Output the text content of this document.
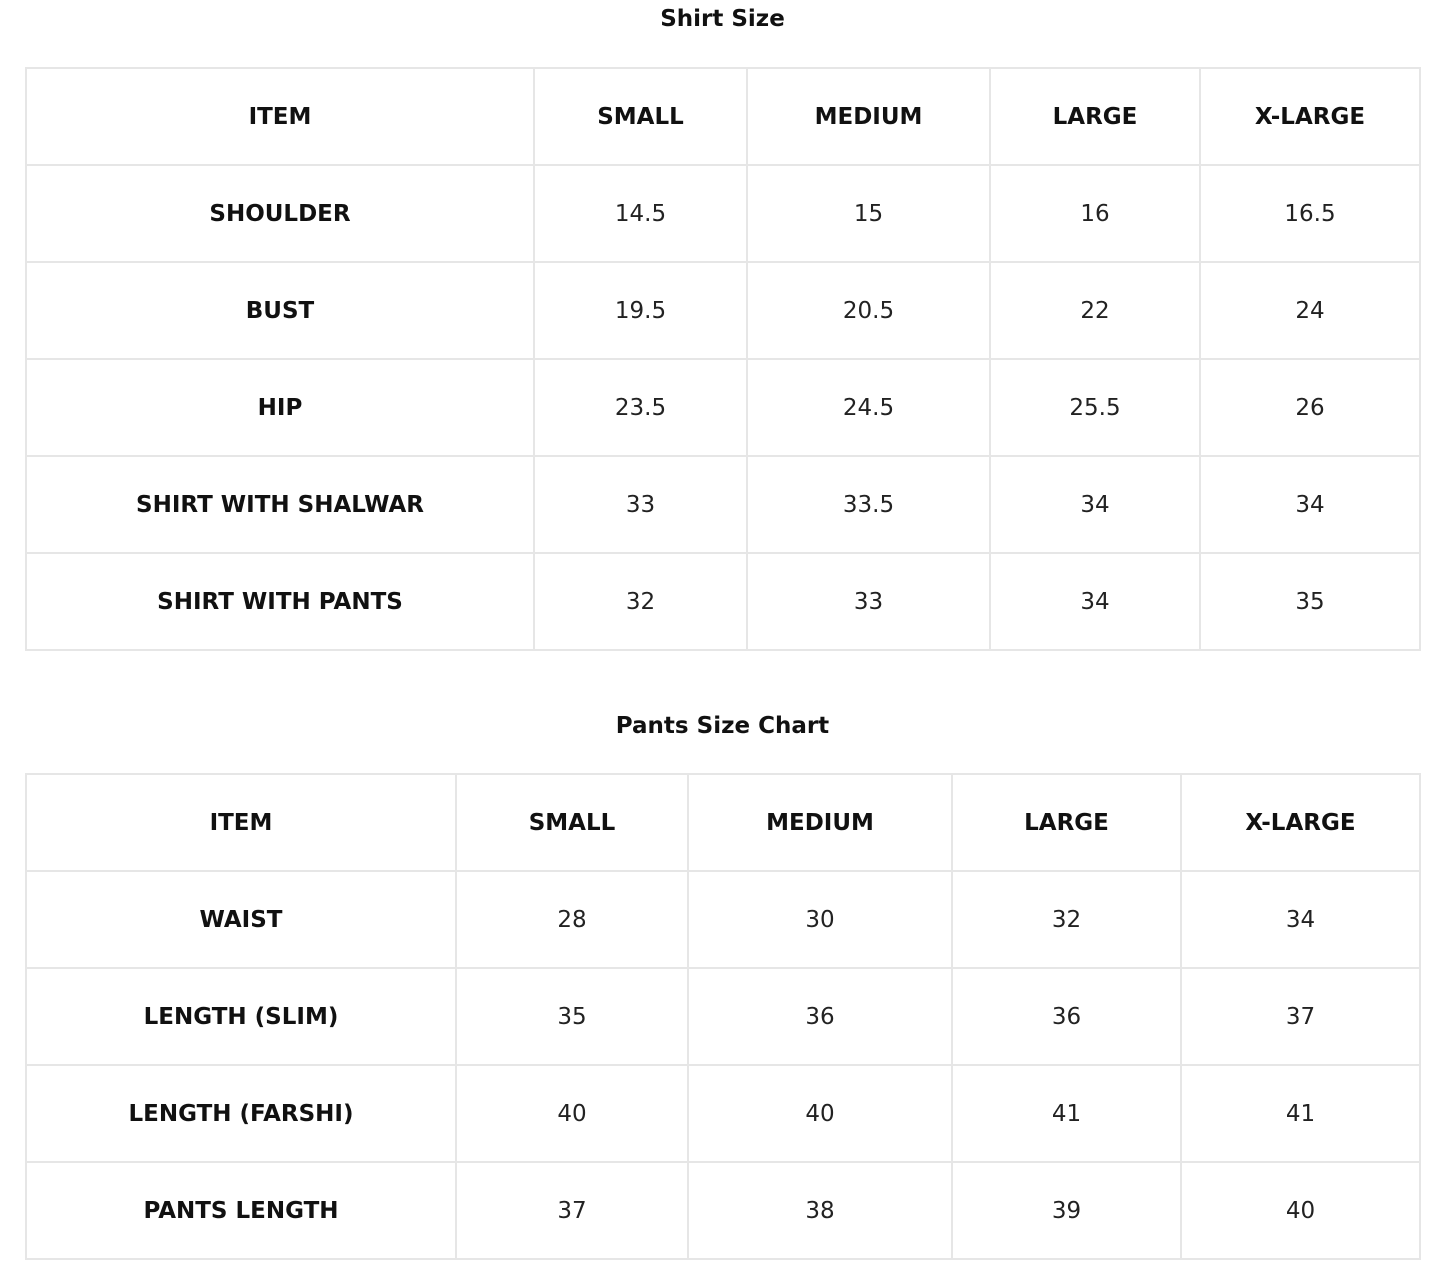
Shirt Size
ITEM	SMALL	MEDIUM	LARGE	X-LARGE
SHOULDER	14.5	15	16	16.5
BUST	19.5	20.5	22	24
HIP	23.5	24.5	25.5	26
SHIRT WITH SHALWAR	33	33.5	34	34
SHIRT WITH PANTS	32	33	34	35
Pants Size Chart
ITEM	SMALL	MEDIUM	LARGE	X-LARGE
WAIST	28	30	32	34
LENGTH (SLIM)	35	36	36	37
LENGTH (FARSHI)	40	40	41	41
PANTS LENGTH	37	38	39	40
